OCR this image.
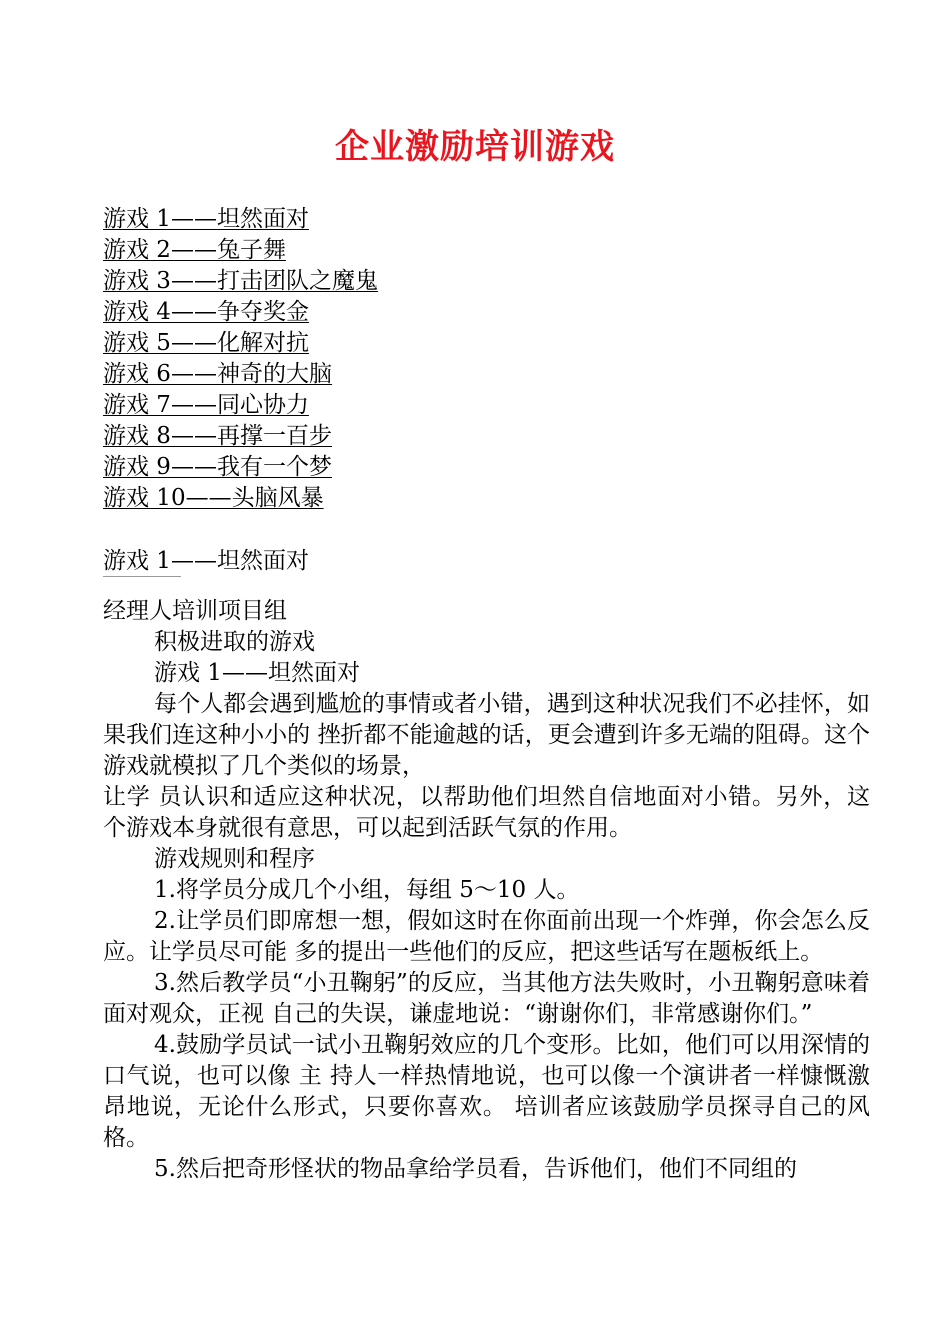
企业激励培训游戏
游戏 1——坦然面对
游戏 2——兔子舞
游戏 3——打击团队之魔鬼
游戏 4——争夺奖金
游戏 5——化解对抗
游戏 6——神奇的大脑
游戏 7——同心协力
游戏 8——再撑一百步
游戏 9——我有一个梦
游戏 10——头脑风暴
游戏 1——坦然面对

经理人培训项目组

积极进取的游戏

游戏 1——坦然面对

每个人都会遇到尴尬的事情或者小错，遇到这种状况我们不必挂怀，如果我们连这种小小的 挫折都不能逾越的话，更会遭到许多无端的阻碍。这个游戏就模拟了几个类似的场景，

让学 员认识和适应这种状况，以帮助他们坦然自信地面对小错。另外，这 个游戏本身就很有意思，可以起到活跃气氛的作用。

游戏规则和程序

1.将学员分成几个小组，每组 5～10 人。

2.让学员们即席想一想，假如这时在你面前出现一个炸弹，你会怎么反应。让学员尽可能 多的提出一些他们的反应，把这些话写在题板纸上。

3.然后教学员“小丑鞠躬”的反应，当其他方法失败时，小丑鞠躬意味着面对观众，正视 自己的失误，谦虚地说：“谢谢你们，非常感谢你们。”

4.鼓励学员试一试小丑鞠躬效应的几个变形。比如，他们可以用深情的口气说，也可以像 主 持人一样热情地说，也可以像一个演讲者一样慷慨激昂地说，无论什么形式，只要你喜欢。 培训者应该鼓励学员探寻自己的风格。

5.然后把奇形怪状的物品拿给学员看，告诉他们，他们不同组的
